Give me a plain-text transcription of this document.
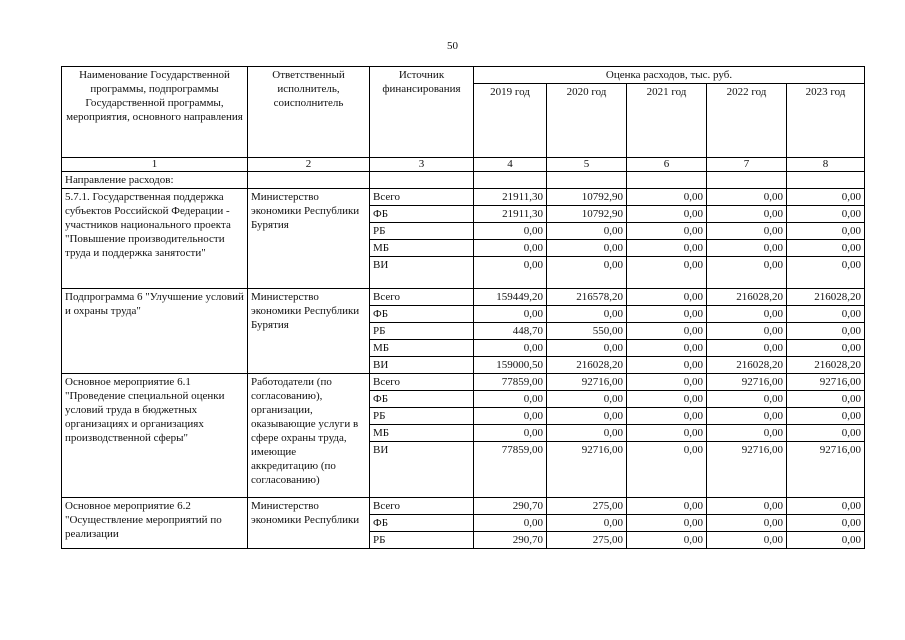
50
Наименование Государственной программы, подпрограммы Государственной программы, мероприятия, основного направления	Ответственный исполнитель, соисполнитель	Источник финансирования	Оценка расходов, тыс. руб.				
			2019 год	2020 год	2021 год	2022 год	2023 год
1	2	3	4	5	6	7	8
Направление расходов:							
5.7.1. Государственная поддержка субъектов Российской Федерации - участников национального проекта "Повышение производительности труда и поддержка занятости"	Министерство экономики Республики Бурятия	Всего	21911,30	10792,90	0,00	0,00	0,00
		ФБ	21911,30	10792,90	0,00	0,00	0,00
		РБ	0,00	0,00	0,00	0,00	0,00
		МБ	0,00	0,00	0,00	0,00	0,00
		ВИ	0,00	0,00	0,00	0,00	0,00
Подпрограмма 6 "Улучшение условий и охраны труда"	Министерство экономики Республики Бурятия	Всего	159449,20	216578,20	0,00	216028,20	216028,20
		ФБ	0,00	0,00	0,00	0,00	0,00
		РБ	448,70	550,00	0,00	0,00	0,00
		МБ	0,00	0,00	0,00	0,00	0,00
		ВИ	159000,50	216028,20	0,00	216028,20	216028,20
Основное мероприятие 6.1 "Проведение специальной оценки условий труда в бюджетных организациях и организациях производственной сферы"	Работодатели (по согласованию), организации, оказывающие услуги в сфере охраны труда, имеющие аккредитацию (по согласованию)	Всего	77859,00	92716,00	0,00	92716,00	92716,00
		ФБ	0,00	0,00	0,00	0,00	0,00
		РБ	0,00	0,00	0,00	0,00	0,00
		МБ	0,00	0,00	0,00	0,00	0,00
		ВИ	77859,00	92716,00	0,00	92716,00	92716,00
Основное мероприятие 6.2 "Осуществление мероприятий по реализации	Министерство экономики Республики	Всего	290,70	275,00	0,00	0,00	0,00
		ФБ	0,00	0,00	0,00	0,00	0,00
		РБ	290,70	275,00	0,00	0,00	0,00
